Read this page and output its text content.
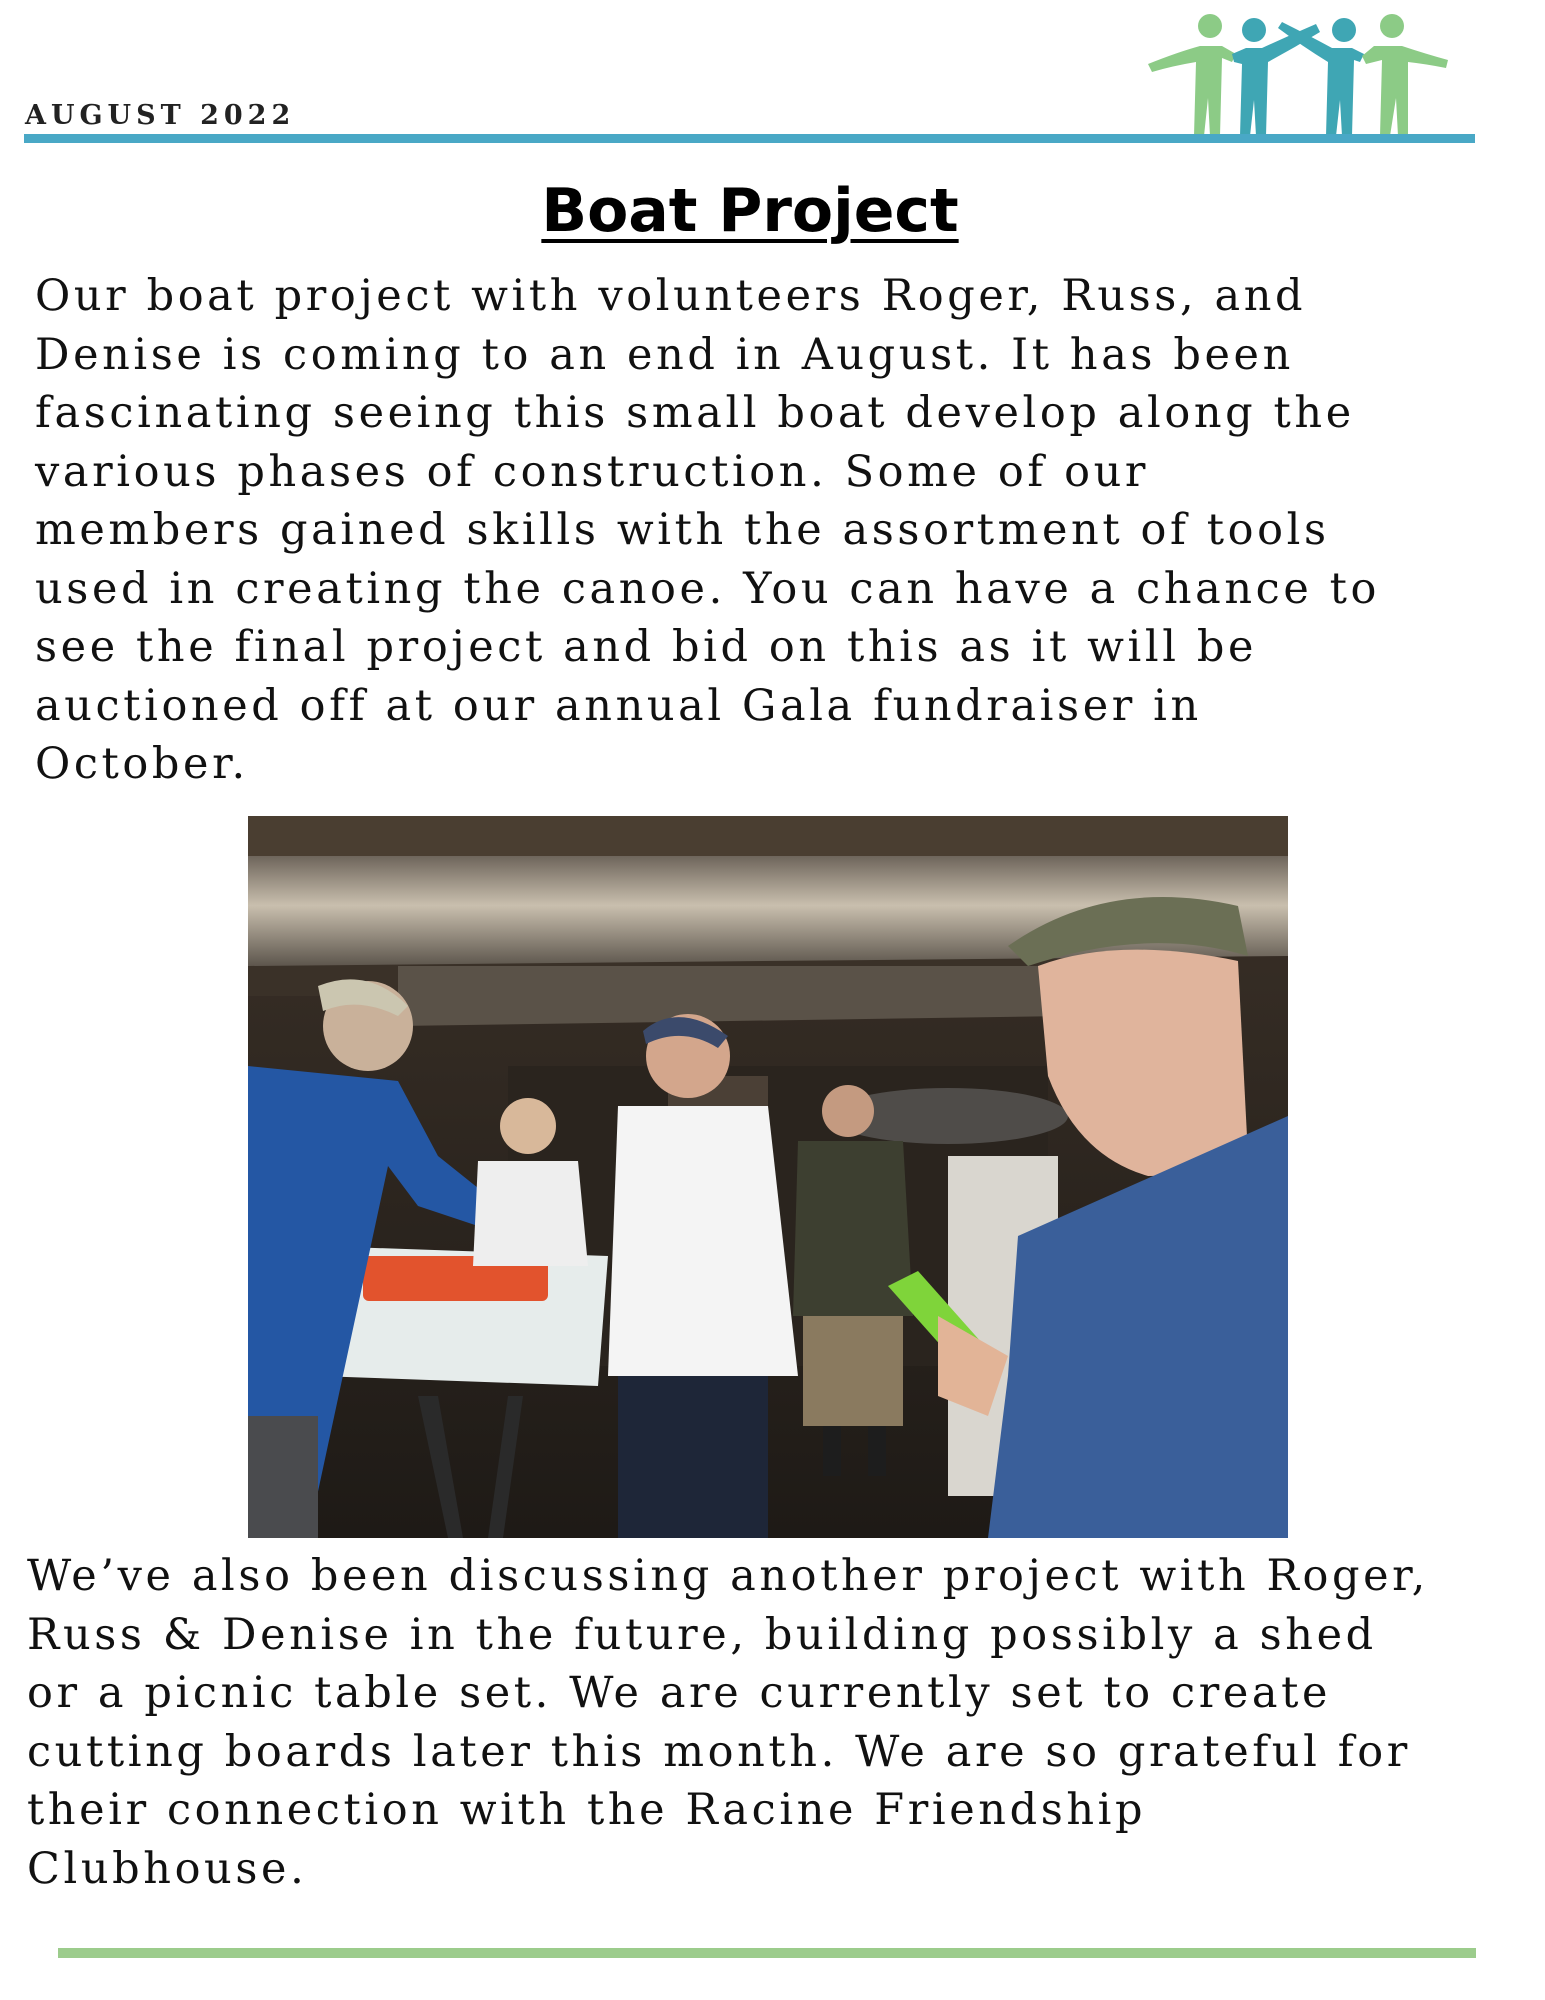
AUGUST 2022
Boat Project
Our boat project with volunteers Roger, Russ, and
Denise is coming to an end in August. It has been
fascinating seeing this small boat develop along the
various phases of construction. Some of our
members gained skills with the assortment of tools
used in creating the canoe. You can have a chance to
see the final project and bid on this as it will be
auctioned off at our annual Gala fundraiser in
October.
We’ve also been discussing another project with Roger,
Russ & Denise in the future, building possibly a shed
or a picnic table set. We are currently set to create
cutting boards later this month. We are so grateful for
their connection with the Racine Friendship
Clubhouse.
